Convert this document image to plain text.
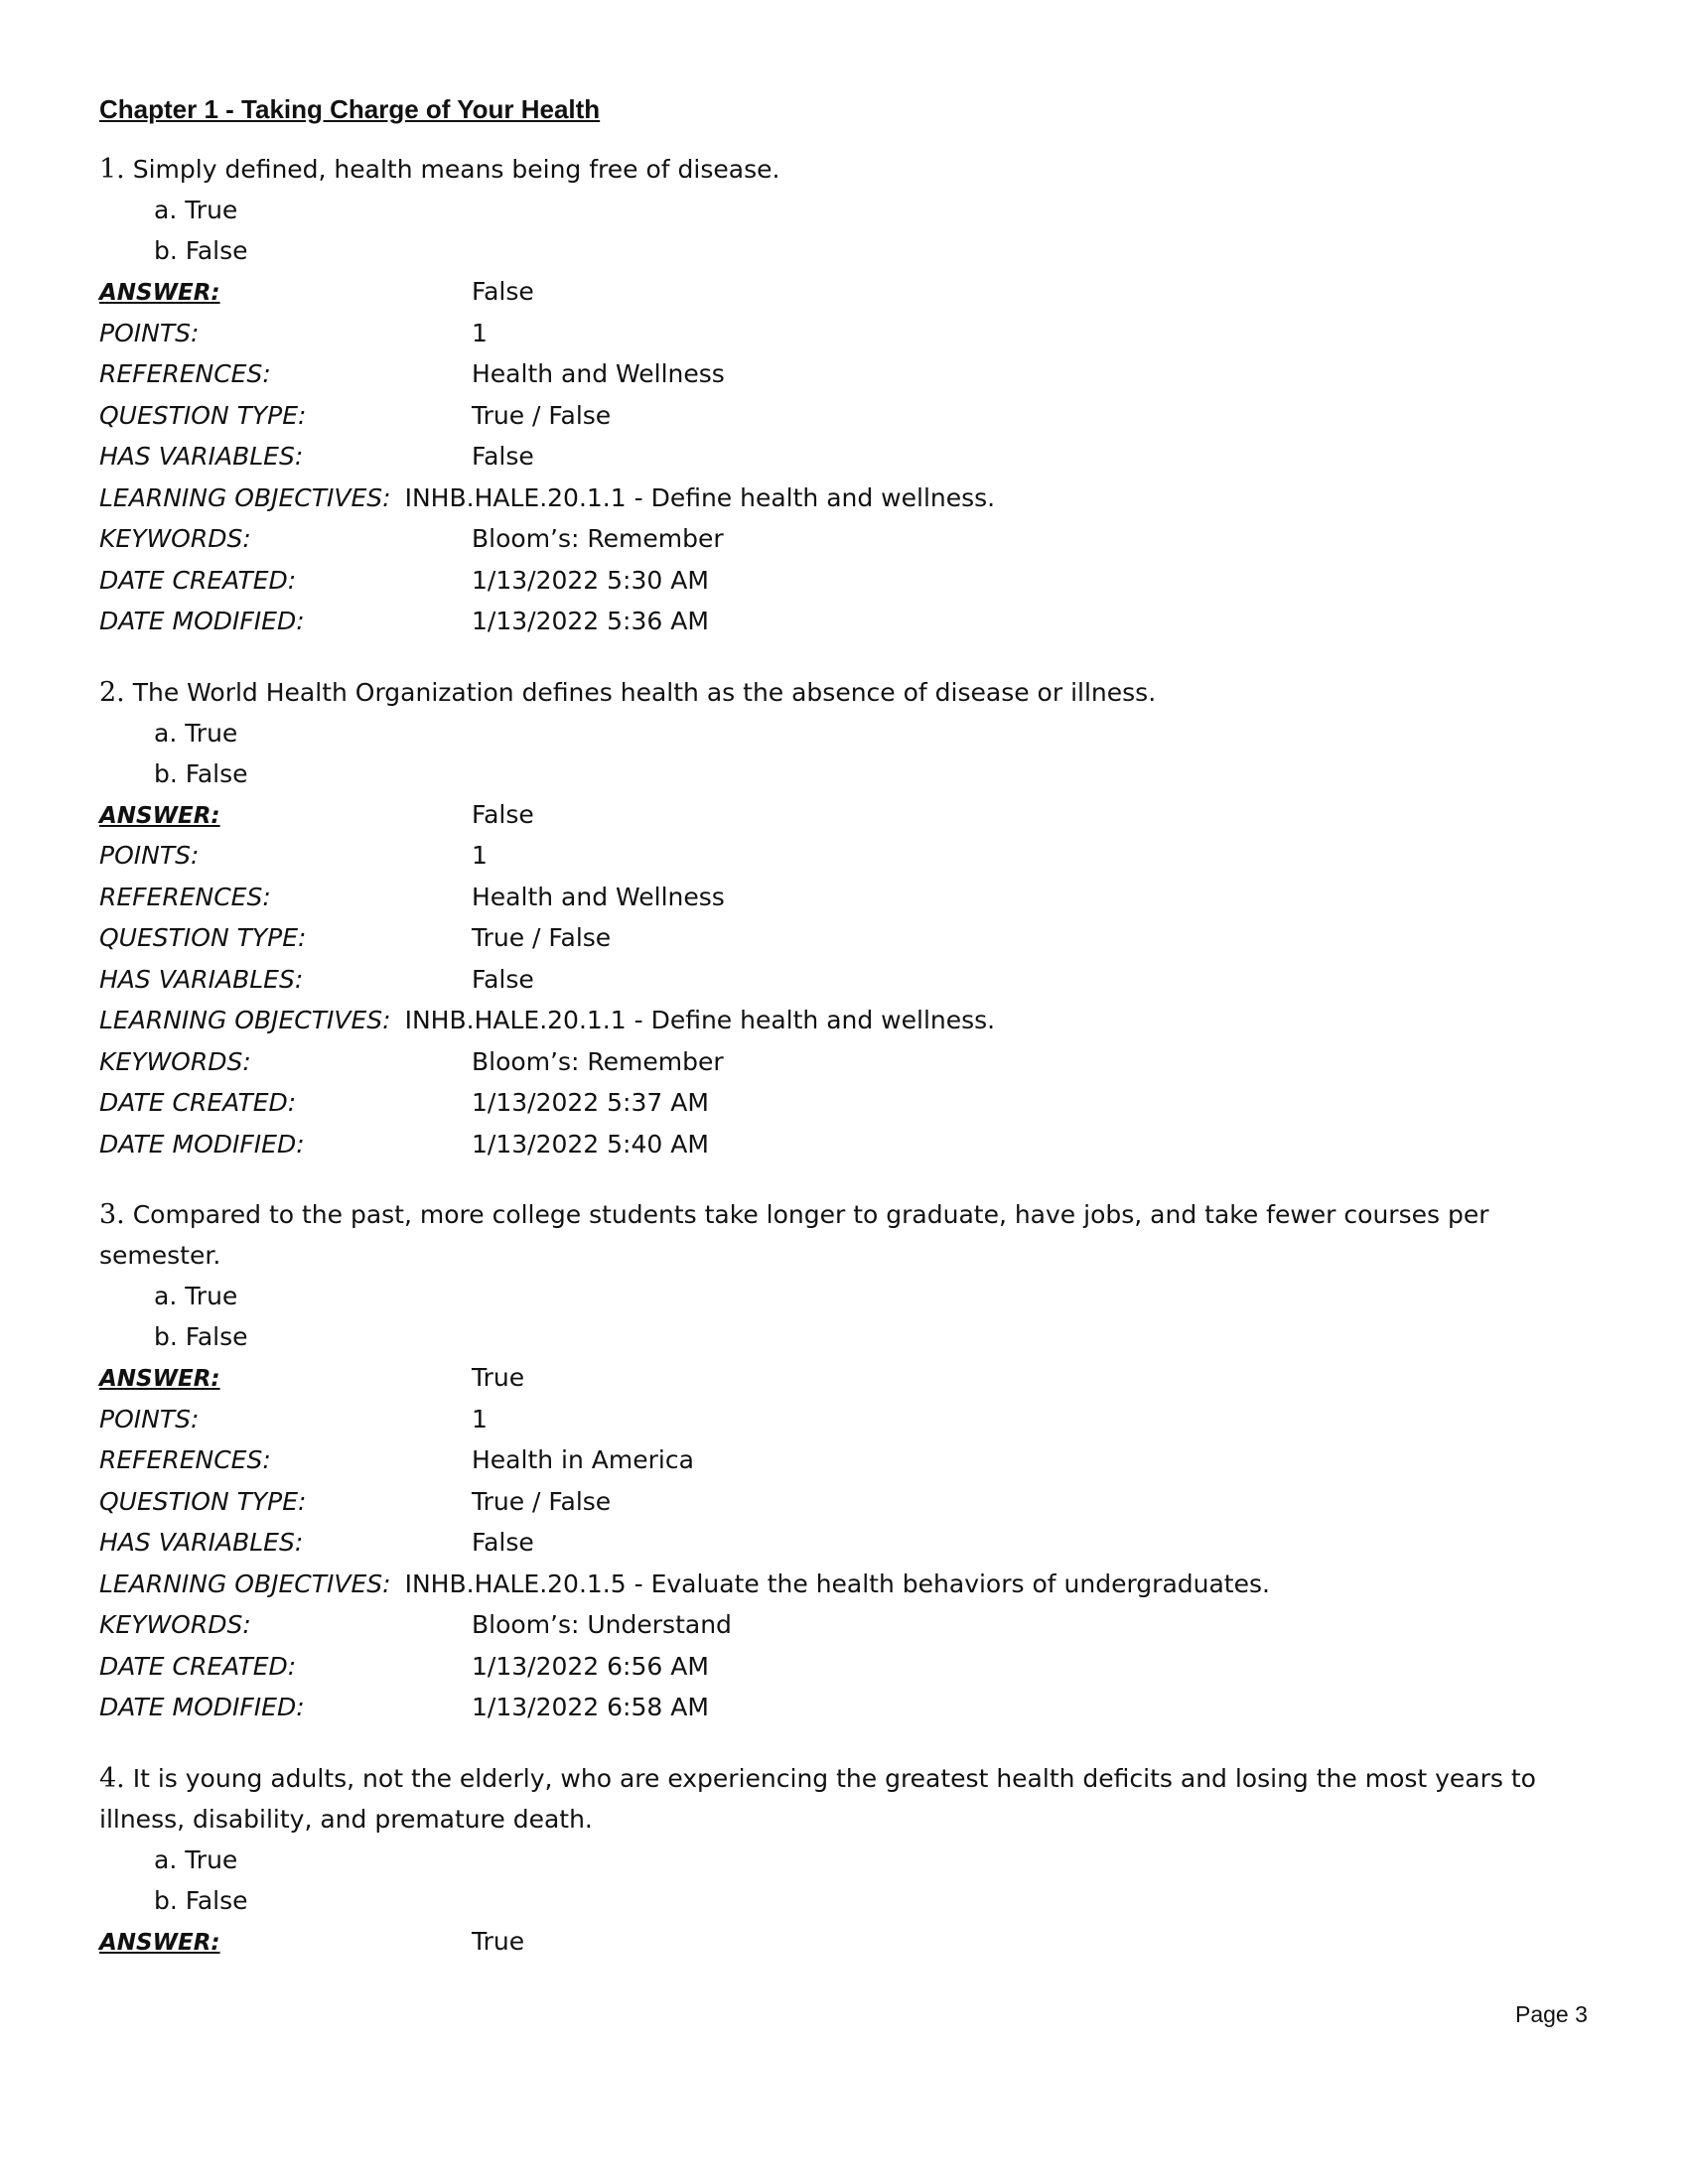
Chapter 1 - Taking Charge of Your Health

1. Simply defined, health means being free of disease.

a. True
b. False
ANSWER:	False
POINTS:	1
REFERENCES:	Health and Wellness
QUESTION TYPE:	True / False
HAS VARIABLES:	False
LEARNING OBJECTIVES: INHB.HALE.20.1.1 - Define health and wellness.
KEYWORDS:	Bloom’s: Remember
DATE CREATED:	1/13/2022 5:30 AM
DATE MODIFIED:	1/13/2022 5:36 AM

2. The World Health Organization defines health as the absence of disease or illness.

a. True
b. False
ANSWER:	False
POINTS:	1
REFERENCES:	Health and Wellness
QUESTION TYPE:	True / False
HAS VARIABLES:	False
LEARNING OBJECTIVES: INHB.HALE.20.1.1 - Define health and wellness.
KEYWORDS:	Bloom’s: Remember
DATE CREATED:	1/13/2022 5:37 AM
DATE MODIFIED:	1/13/2022 5:40 AM

3. Compared to the past, more college students take longer to graduate, have jobs, and take fewer courses per semester.

a. True
b. False
ANSWER:	True
POINTS:	1
REFERENCES:	Health in America
QUESTION TYPE:	True / False
HAS VARIABLES:	False
LEARNING OBJECTIVES: INHB.HALE.20.1.5 - Evaluate the health behaviors of undergraduates.
KEYWORDS:	Bloom’s: Understand
DATE CREATED:	1/13/2022 6:56 AM
DATE MODIFIED:	1/13/2022 6:58 AM

4. It is young adults, not the elderly, who are experiencing the greatest health deficits and losing the most years to illness, disability, and premature death.

a. True
b. False
ANSWER:	True
Page 3
